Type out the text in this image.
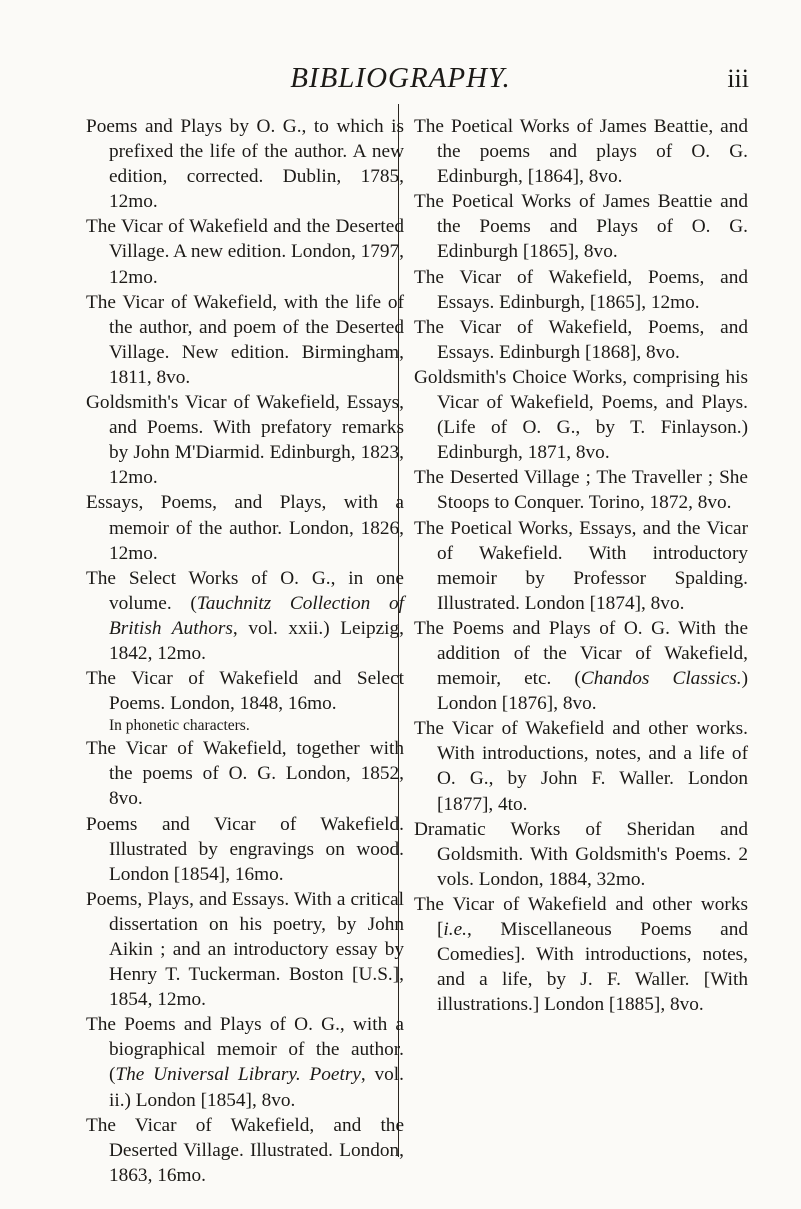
BIBLIOGRAPHY.	iii

Poems and Plays by O. G., to which is prefixed the life of the author. A new edition, corrected. Dublin, 1785, 12mo.

The Vicar of Wakefield and the Deserted Village. A new edition. London, 1797, 12mo.

The Vicar of Wakefield, with the life of the author, and poem of the Deserted Village. New edition. Birmingham, 1811, 8vo.

Goldsmith's Vicar of Wakefield, Essays, and Poems. With prefatory remarks by John M'Diarmid. Edinburgh, 1823, 12mo.

Essays, Poems, and Plays, with a memoir of the author. London, 1826, 12mo.

The Select Works of O. G., in one volume. (Tauchnitz Collection of British Authors, vol. xxii.) Leipzig, 1842, 12mo.

The Vicar of Wakefield and Select Poems. London, 1848, 16mo.

In phonetic characters.

The Vicar of Wakefield, together with the poems of O. G. London, 1852, 8vo.

Poems and Vicar of Wakefield. Illustrated by engravings on wood. London [1854], 16mo.

Poems, Plays, and Essays. With a critical dissertation on his poetry, by John Aikin ; and an introductory essay by Henry T. Tuckerman. Boston [U.S.], 1854, 12mo.

The Poems and Plays of O. G., with a biographical memoir of the author. (The Universal Library. Poetry, vol. ii.) London [1854], 8vo.

The Vicar of Wakefield, and the Deserted Village. Illustrated. London, 1863, 16mo.

The Poetical Works of James Beattie, and the poems and plays of O. G. Edinburgh, [1864], 8vo.

The Poetical Works of James Beattie and the Poems and Plays of O. G. Edinburgh [1865], 8vo.

The Vicar of Wakefield, Poems, and Essays. Edinburgh, [1865], 12mo.

The Vicar of Wakefield, Poems, and Essays. Edinburgh [1868], 8vo.

Goldsmith's Choice Works, comprising his Vicar of Wakefield, Poems, and Plays. (Life of O. G., by T. Finlayson.) Edinburgh, 1871, 8vo.

The Deserted Village ; The Traveller ; She Stoops to Conquer. Torino, 1872, 8vo.

The Poetical Works, Essays, and the Vicar of Wakefield. With introductory memoir by Professor Spalding. Illustrated. London [1874], 8vo.

The Poems and Plays of O. G. With the addition of the Vicar of Wakefield, memoir, etc. (Chandos Classics.) London [1876], 8vo.

The Vicar of Wakefield and other works. With introductions, notes, and a life of O. G., by John F. Waller. London [1877], 4to.

Dramatic Works of Sheridan and Goldsmith. With Goldsmith's Poems. 2 vols. London, 1884, 32mo.

The Vicar of Wakefield and other works [i.e., Miscellaneous Poems and Comedies]. With introductions, notes, and a life, by J. F. Waller. [With illustrations.] London [1885], 8vo.
